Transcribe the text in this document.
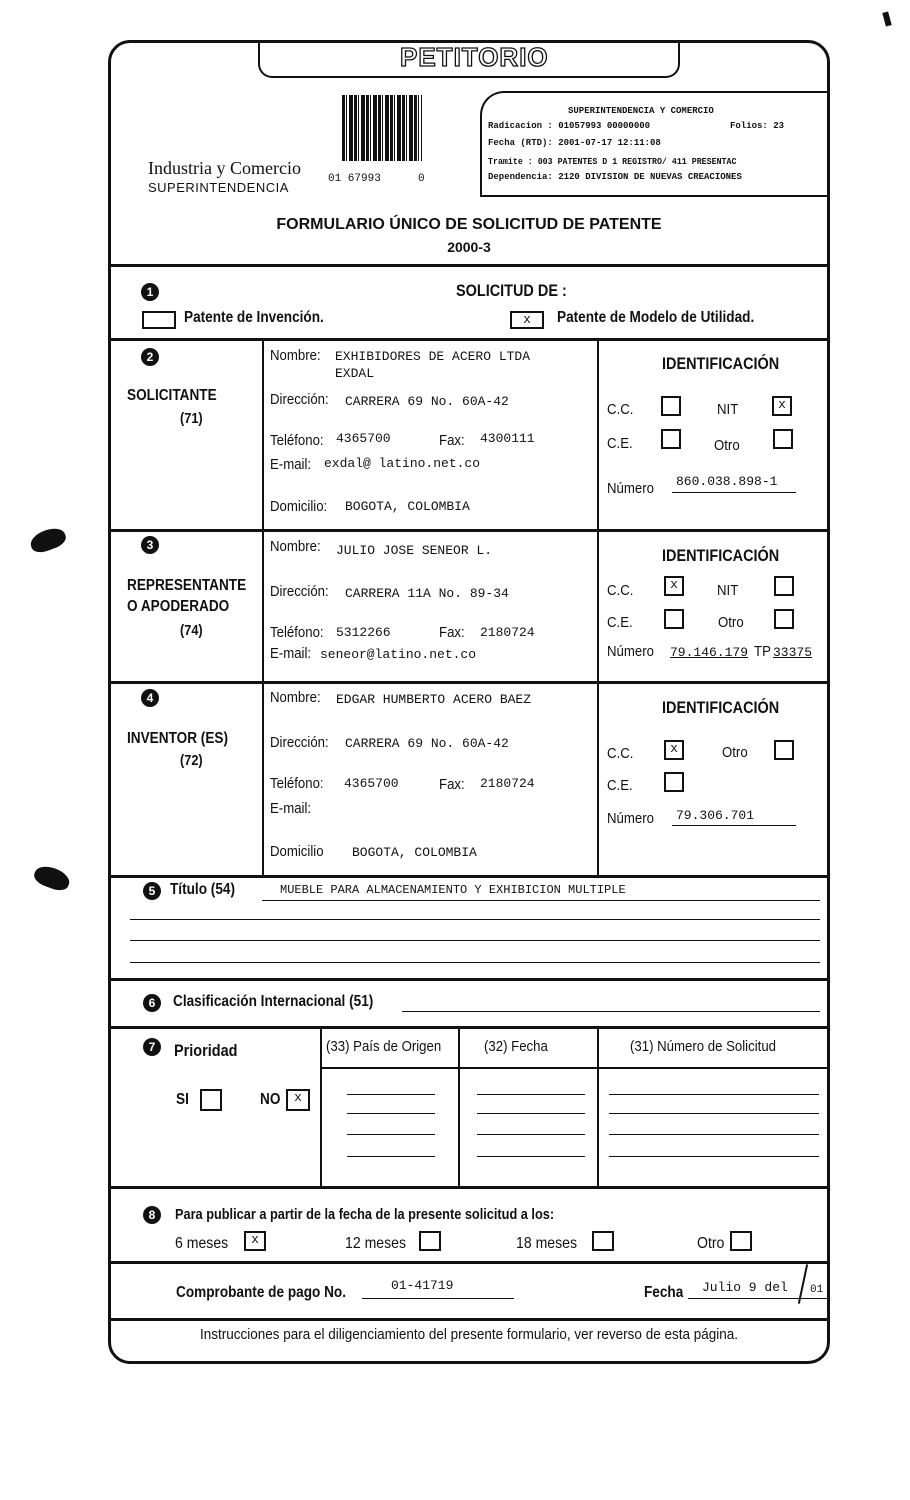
PETITORIO
01 67993	0
Industria y Comercio
SUPERINTENDENCIA
SUPERINTENDENCIA Y COMERCIO
Radicacion : 01057993 00000000	Folios: 23
Fecha (RTD): 2001-07-17 12:11:08
Tramite : 003 PATENTES D 1 REGISTRO/ 411 PRESENTAC
Dependencia: 2120 DIVISION DE NUEVAS CREACIONES
FORMULARIO ÚNICO DE SOLICITUD DE PATENTE
2000-3
1	SOLICITUD DE :
Patente de Invención.	x	Patente de Modelo de Utilidad.
2
SOLICITANTE
(71)
Nombre: EXHIBIDORES DE ACERO LTDA
EXDAL
Dirección: CARRERA 69 No. 60A-42
Teléfono: 4365700	Fax: 4300111
E-mail: exdal@ latino.net.co
Domicilio: BOGOTA, COLOMBIA
IDENTIFICACIÓN
C.C.	NIT	x
C.E.	Otro
Número 860.038.898-1
3
REPRESENTANTE
O APODERADO
(74)
Nombre: JULIO JOSE SENEOR L.
Dirección: CARRERA 11A No. 89-34
Teléfono: 5312266	Fax: 2180724
E-mail: seneor@latino.net.co
IDENTIFICACIÓN
C.C.	x	NIT
C.E.	Otro
Número 79.146.179 TP 33375
4
INVENTOR (ES)
(72)
Nombre: EDGAR HUMBERTO ACERO BAEZ
Dirección: CARRERA 69 No. 60A-42
Teléfono: 4365700	Fax: 2180724
E-mail:
Domicilio BOGOTA, COLOMBIA
IDENTIFICACIÓN
C.C.	x	Otro
C.E.
Número 79.306.701
5 Título (54)	MUEBLE PARA ALMACENAMIENTO Y EXHIBICION MULTIPLE
6	Clasificación Internacional (51)
7	Prioridad
SI	NO	x
(33) País de Origen	(32) Fecha	(31) Número de Solicitud
8	Para publicar a partir de la fecha de la presente solicitud a los:
6 meses	x	12 meses	18 meses	Otro
Comprobante de pago No.	01-41719	Fecha Julio 9 del 01
Instrucciones para el diligenciamiento del presente formulario, ver reverso de esta página.
